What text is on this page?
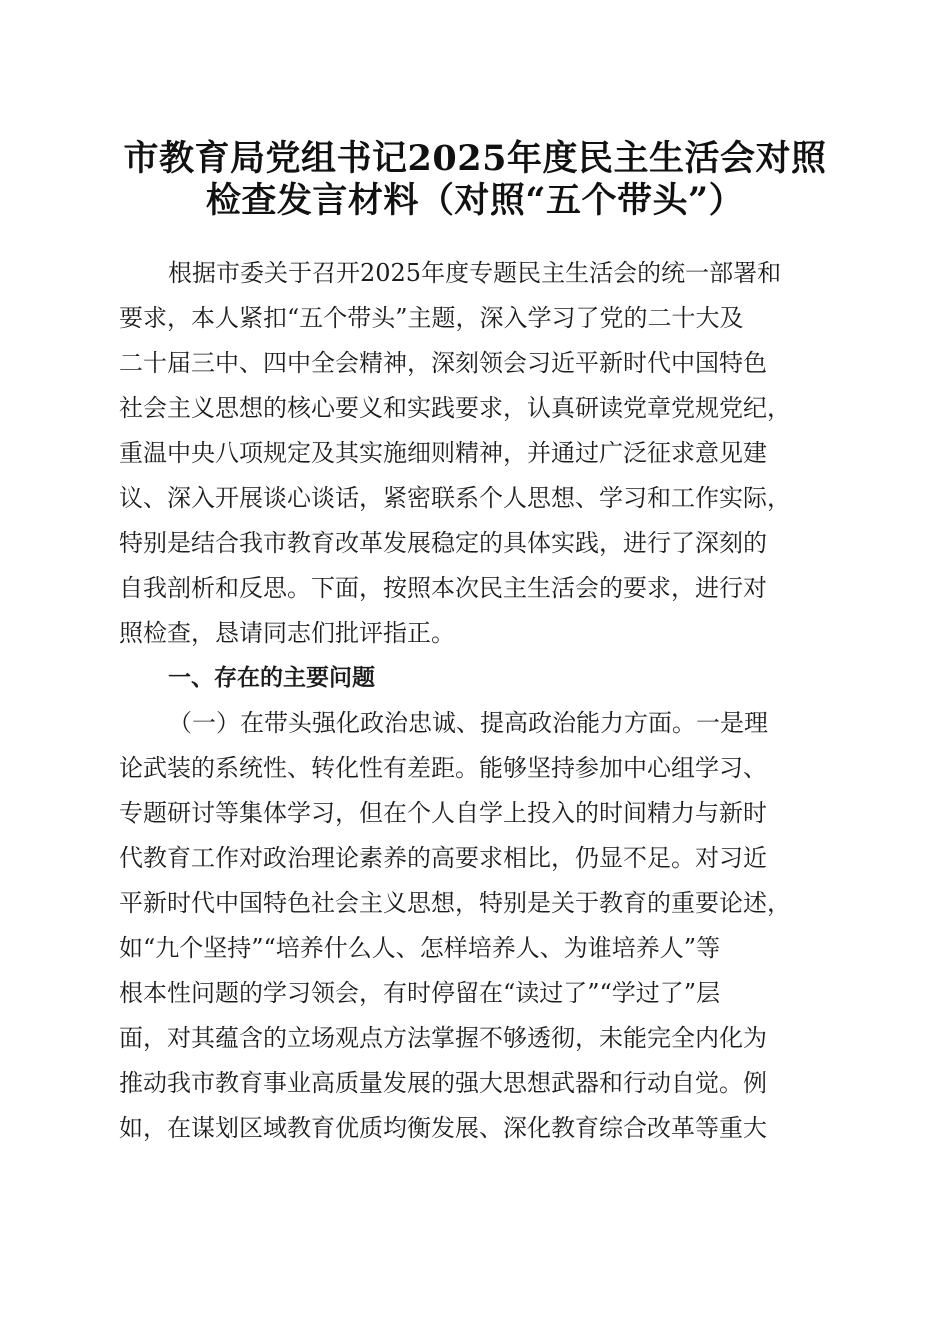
市教育局党组书记2025年度民主生活会对照
检查发言材料（对照“五个带头”）
根据市委关于召开2025年度专题民主生活会的统一部署和
要求，本人紧扣“五个带头”主题，深入学习了党的二十大及
二十届三中、四中全会精神，深刻领会习近平新时代中国特色
社会主义思想的核心要义和实践要求，认真研读党章党规党纪，
重温中央八项规定及其实施细则精神，并通过广泛征求意见建
议、深入开展谈心谈话，紧密联系个人思想、学习和工作实际，
特别是结合我市教育改革发展稳定的具体实践，进行了深刻的
自我剖析和反思。下面，按照本次民主生活会的要求，进行对
照检查，恳请同志们批评指正。
一、存在的主要问题
（一）在带头强化政治忠诚、提高政治能力方面。一是理
论武装的系统性、转化性有差距。能够坚持参加中心组学习、
专题研讨等集体学习，但在个人自学上投入的时间精力与新时
代教育工作对政治理论素养的高要求相比，仍显不足。对习近
平新时代中国特色社会主义思想，特别是关于教育的重要论述，
如“九个坚持”“培养什么人、怎样培养人、为谁培养人”等
根本性问题的学习领会，有时停留在“读过了”“学过了”层
面，对其蕴含的立场观点方法掌握不够透彻，未能完全内化为
推动我市教育事业高质量发展的强大思想武器和行动自觉。例
如，在谋划区域教育优质均衡发展、深化教育综合改革等重大
